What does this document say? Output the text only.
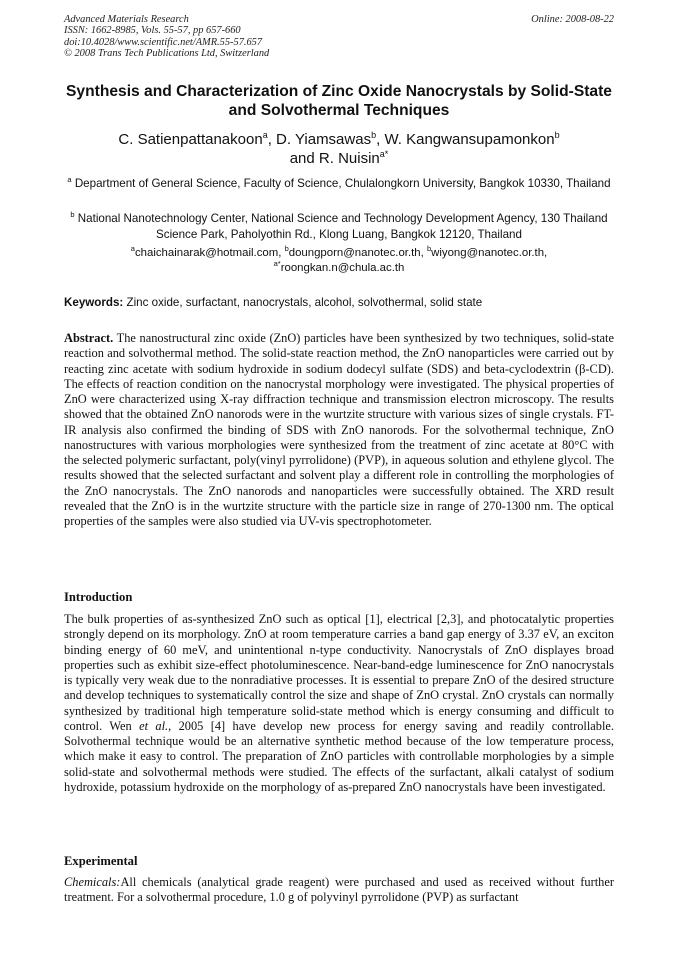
Advanced Materials Research
ISSN: 1662-8985, Vols. 55-57, pp 657-660
doi:10.4028/www.scientific.net/AMR.55-57.657
© 2008 Trans Tech Publications Ltd, Switzerland
Online: 2008-08-22
Synthesis and Characterization of Zinc Oxide Nanocrystals by Solid-State and Solvothermal Techniques
C. Satienpattanakoon$^a$, D. Yiamsawas$^b$, W. Kangwansupamonkon$^b$
and R. Nuisin$^{a*}$
$^a$ Department of General Science, Faculty of Science, Chulalongkorn University, Bangkok 10330, Thailand
$^b$ National Nanotechnology Center, National Science and Technology Development Agency, 130 Thailand Science Park, Paholyothin Rd., Klong Luang, Bangkok 12120, Thailand
$^a$chaichainarak@hotmail.com, $^b$doungporn@nanotec.or.th, $^b$wiyong@nanotec.or.th,
$^{a*}$roongkan.n@chula.ac.th
Keywords: Zinc oxide, surfactant, nanocrystals, alcohol, solvothermal, solid state
Abstract. The nanostructural zinc oxide (ZnO) particles have been synthesized by two techniques, solid-state reaction and solvothermal method. The solid-state reaction method, the ZnO nanoparticles were carried out by reacting zinc acetate with sodium hydroxide in sodium dodecyl sulfate (SDS) and beta-cyclodextrin (β-CD). The effects of reaction condition on the nanocrystal morphology were investigated. The physical properties of ZnO were characterized using X-ray diffraction technique and transmission electron microscopy. The results showed that the obtained ZnO nanorods were in the wurtzite structure with various sizes of single crystals. FT-IR analysis also confirmed the binding of SDS with ZnO nanorods. For the solvothermal technique, ZnO nanostructures with various morphologies were synthesized from the treatment of zinc acetate at 80°C with the selected polymeric surfactant, poly(vinyl pyrrolidone) (PVP), in aqueous solution and ethylene glycol. The results showed that the selected surfactant and solvent play a different role in controlling the morphologies of the ZnO nanocrystals. The ZnO nanorods and nanoparticles were successfully obtained. The XRD result revealed that the ZnO is in the wurtzite structure with the particle size in range of 270-1300 nm. The optical properties of the samples were also studied via UV-vis spectrophotometer.
Introduction
The bulk properties of as-synthesized ZnO such as optical [1], electrical [2,3], and photocatalytic properties strongly depend on its morphology. ZnO at room temperature carries a band gap energy of 3.37 eV, an exciton binding energy of 60 meV, and unintentional n-type conductivity. Nanocrystals of ZnO displayes broad properties such as exhibit size-effect photoluminescence. Near-band-edge luminescence for ZnO nanocrystals is typically very weak due to the nonradiative processes. It is essential to prepare ZnO of the desired structure and develop techniques to systematically control the size and shape of ZnO crystal. ZnO crystals can normally synthesized by traditional high temperature solid-state method which is energy consuming and difficult to control. Wen et al., 2005 [4] have develop new process for energy saving and readily controllable. Solvothermal technique would be an alternative synthetic method because of the low temperature process, which make it easy to control. The preparation of ZnO particles with controllable morphologies by a simple solid-state and solvothermal methods were studied. The effects of the surfactant, alkali catalyst of sodium hydroxide, potassium hydroxide on the morphology of as-prepared ZnO nanocrystals have been investigated.
Experimental
Chemicals:All chemicals (analytical grade reagent) were purchased and used as received without further treatment. For a solvothermal procedure, 1.0 g of polyvinyl pyrrolidone (PVP) as surfactant
